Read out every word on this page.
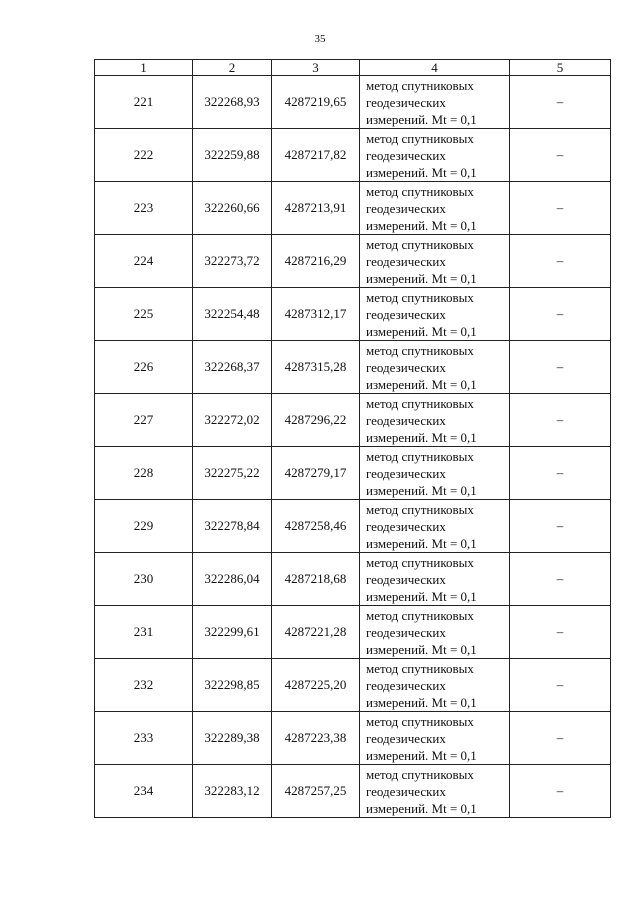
35
1	2	3	4	5
221	322268,93	4287219,65	метод спутниковых
геодезических
измерений. Mt = 0,1	–
222	322259,88	4287217,82	метод спутниковых
геодезических
измерений. Mt = 0,1	–
223	322260,66	4287213,91	метод спутниковых
геодезических
измерений. Mt = 0,1	–
224	322273,72	4287216,29	метод спутниковых
геодезических
измерений. Mt = 0,1	–
225	322254,48	4287312,17	метод спутниковых
геодезических
измерений. Mt = 0,1	–
226	322268,37	4287315,28	метод спутниковых
геодезических
измерений. Mt = 0,1	–
227	322272,02	4287296,22	метод спутниковых
геодезических
измерений. Mt = 0,1	–
228	322275,22	4287279,17	метод спутниковых
геодезических
измерений. Mt = 0,1	–
229	322278,84	4287258,46	метод спутниковых
геодезических
измерений. Mt = 0,1	–
230	322286,04	4287218,68	метод спутниковых
геодезических
измерений. Mt = 0,1	–
231	322299,61	4287221,28	метод спутниковых
геодезических
измерений. Mt = 0,1	–
232	322298,85	4287225,20	метод спутниковых
геодезических
измерений. Mt = 0,1	–
233	322289,38	4287223,38	метод спутниковых
геодезических
измерений. Mt = 0,1	–
234	322283,12	4287257,25	метод спутниковых
геодезических
измерений. Mt = 0,1	–
